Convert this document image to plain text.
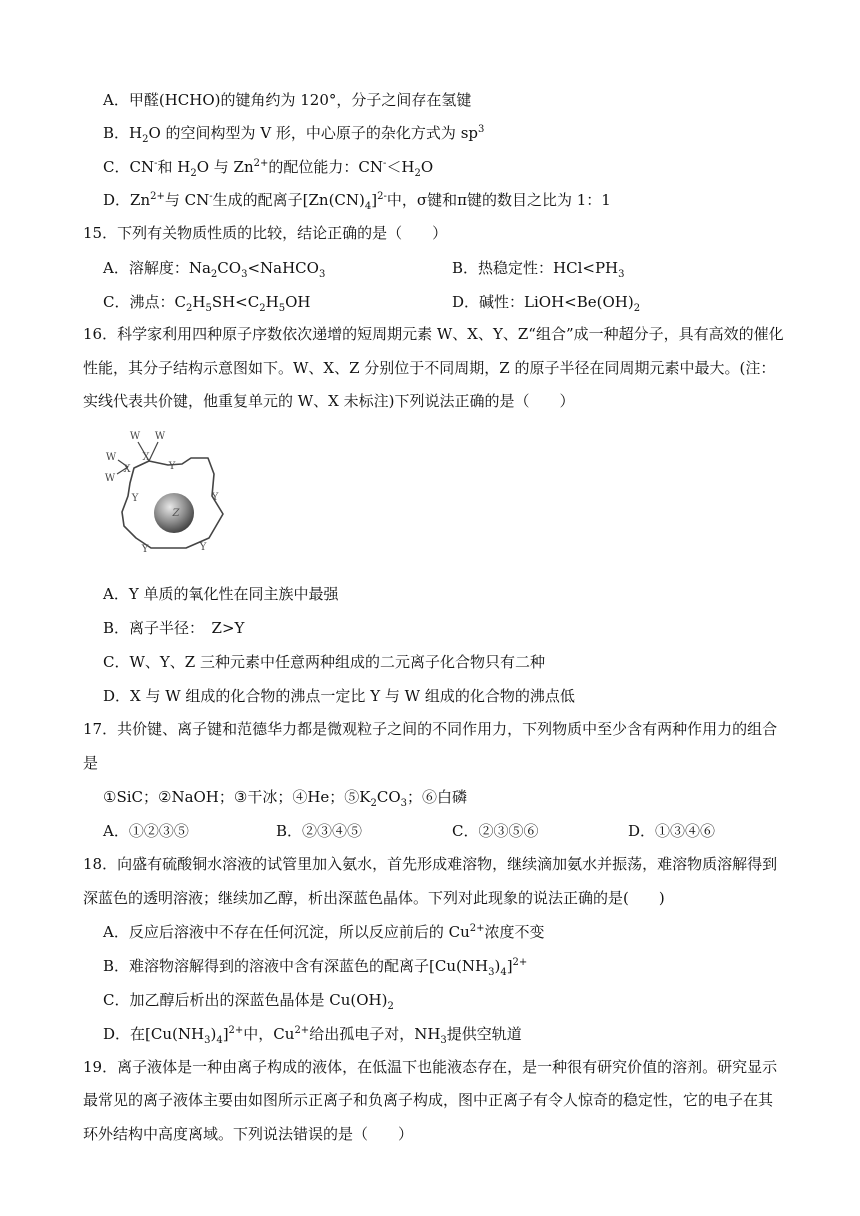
A．甲醛(HCHO)的键角约为 120°，分子之间存在氢键
B．$H_2O$ 的空间构型为 V 形，中心原子的杂化方式为 $sp^3$
C．CN-和 $H_2O$ 与 $Zn^{2+}$的配位能力：$CN^-<H_2O$
D．$Zn^{2+}$与 CN-生成的配离子$[Zn(CN)_4]^{2-}$中，σ键和π键的数目之比为 1：1
15．下列有关物质性质的比较，结论正确的是（　　）
A．溶解度：$Na_2CO_3<NaHCO_3$	B．热稳定性：$HCl<PH_3$
C．沸点：$C_2H_5SH<C_2H_5OH$	D．碱性：$LiOH<Be(OH)_2$
16．科学家利用四种原子序数依次递增的短周期元素 W、X、Y、Z“组合”成一种超分子，具有高效的催化
性能，其分子结构示意图如下。W、X、Z 分别位于不同周期，Z 的原子半径在同周期元素中最大。(注：
实线代表共价键，他重复单元的 W、X 未标注)下列说法正确的是（　　）
W W
X
Y
W
X
W
Y	Y
Y	Y
Z
A．Y 单质的氧化性在同主族中最强
B．离子半径：　Z>Y
C．W、Y、Z 三种元素中任意两种组成的二元离子化合物只有二种
D．X 与 W 组成的化合物的沸点一定比 Y 与 W 组成的化合物的沸点低
17．共价键、离子键和范德华力都是微观粒子之间的不同作用力，下列物质中至少含有两种作用力的组合
是
①SiC；②NaOH；③干冰；④He；$⑤K_2CO_3$；⑥白磷
A．①②③⑤	B．②③④⑤	C．②③⑤⑥	D．①③④⑥
18．向盛有硫酸铜水溶液的试管里加入氨水，首先形成难溶物，继续滴加氨水并振荡，难溶物质溶解得到
深蓝色的透明溶液；继续加乙醇，析出深蓝色晶体。下列对此现象的说法正确的是(　　)
A．反应后溶液中不存在任何沉淀，所以反应前后的 $Cu^{2+}$浓度不变
B．难溶物溶解得到的溶液中含有深蓝色的配离子$[Cu(NH_3)_4]^{2+}$
C．加乙醇后析出的深蓝色晶体是 $Cu(OH)_2$
D．在$[Cu(NH_3)_4]^{2+}$中，$Cu^{2+}$给出孤电子对，$NH_3$提供空轨道
19．离子液体是一种由离子构成的液体，在低温下也能液态存在，是一种很有研究价值的溶剂。研究显示
最常见的离子液体主要由如图所示正离子和负离子构成，图中正离子有令人惊奇的稳定性，它的电子在其
环外结构中高度离域。下列说法错误的是（　　）
